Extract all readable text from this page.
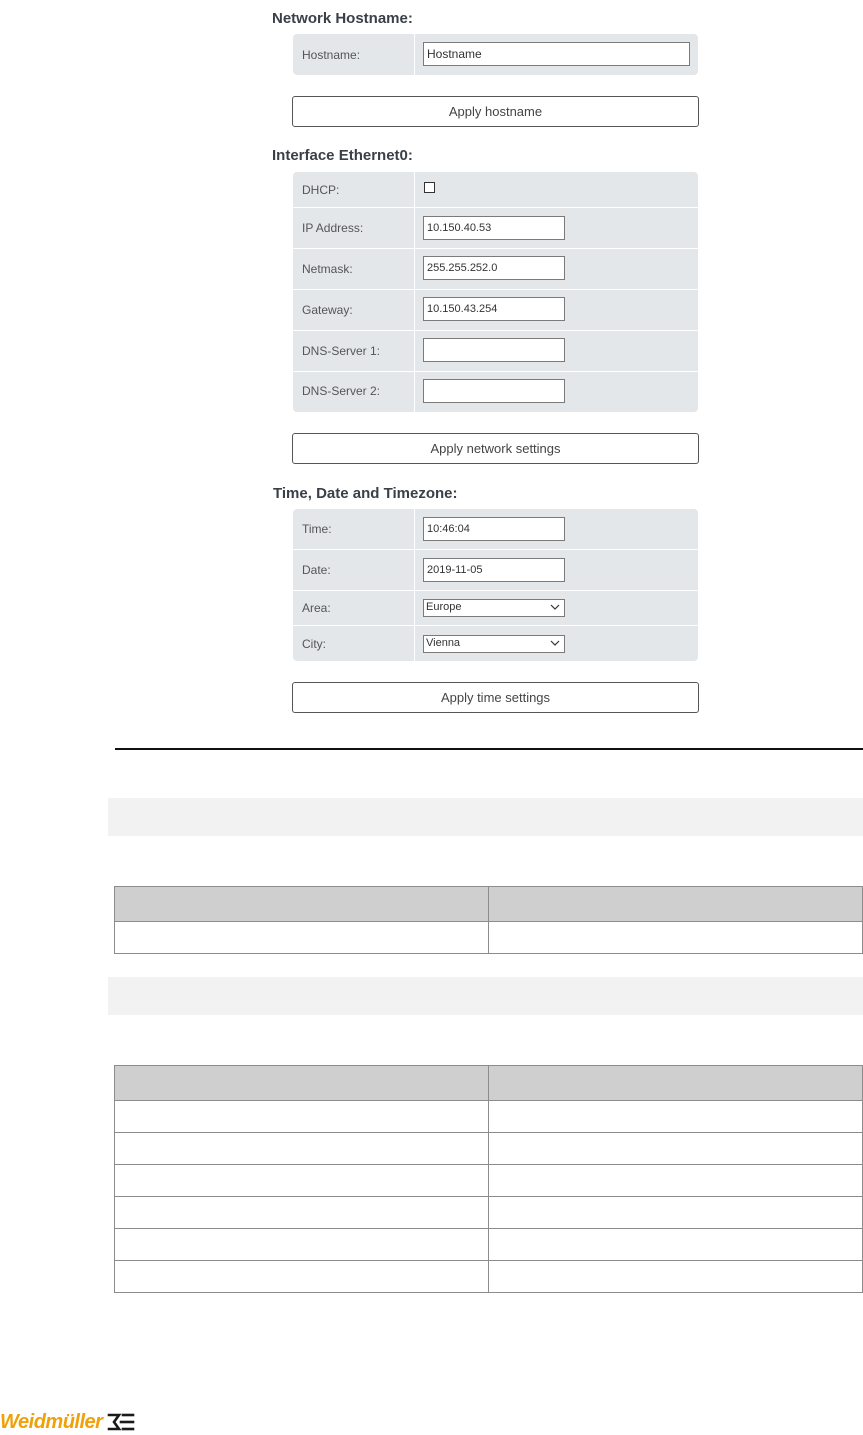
Network Hostname:
Hostname:
Hostname
Apply hostname
Interface Ethernet0:
DHCP:
IP Address:
10.150.40.53
Netmask:
255.255.252.0
Gateway:
10.150.43.254
DNS-Server 1:
DNS-Server 2:
Apply network settings
Time, Date and Timezone:
Time:
10:46:04
Date:
2019-11-05
Area:	Europe
City:	Vienna
Apply time settings

Weidmüller
